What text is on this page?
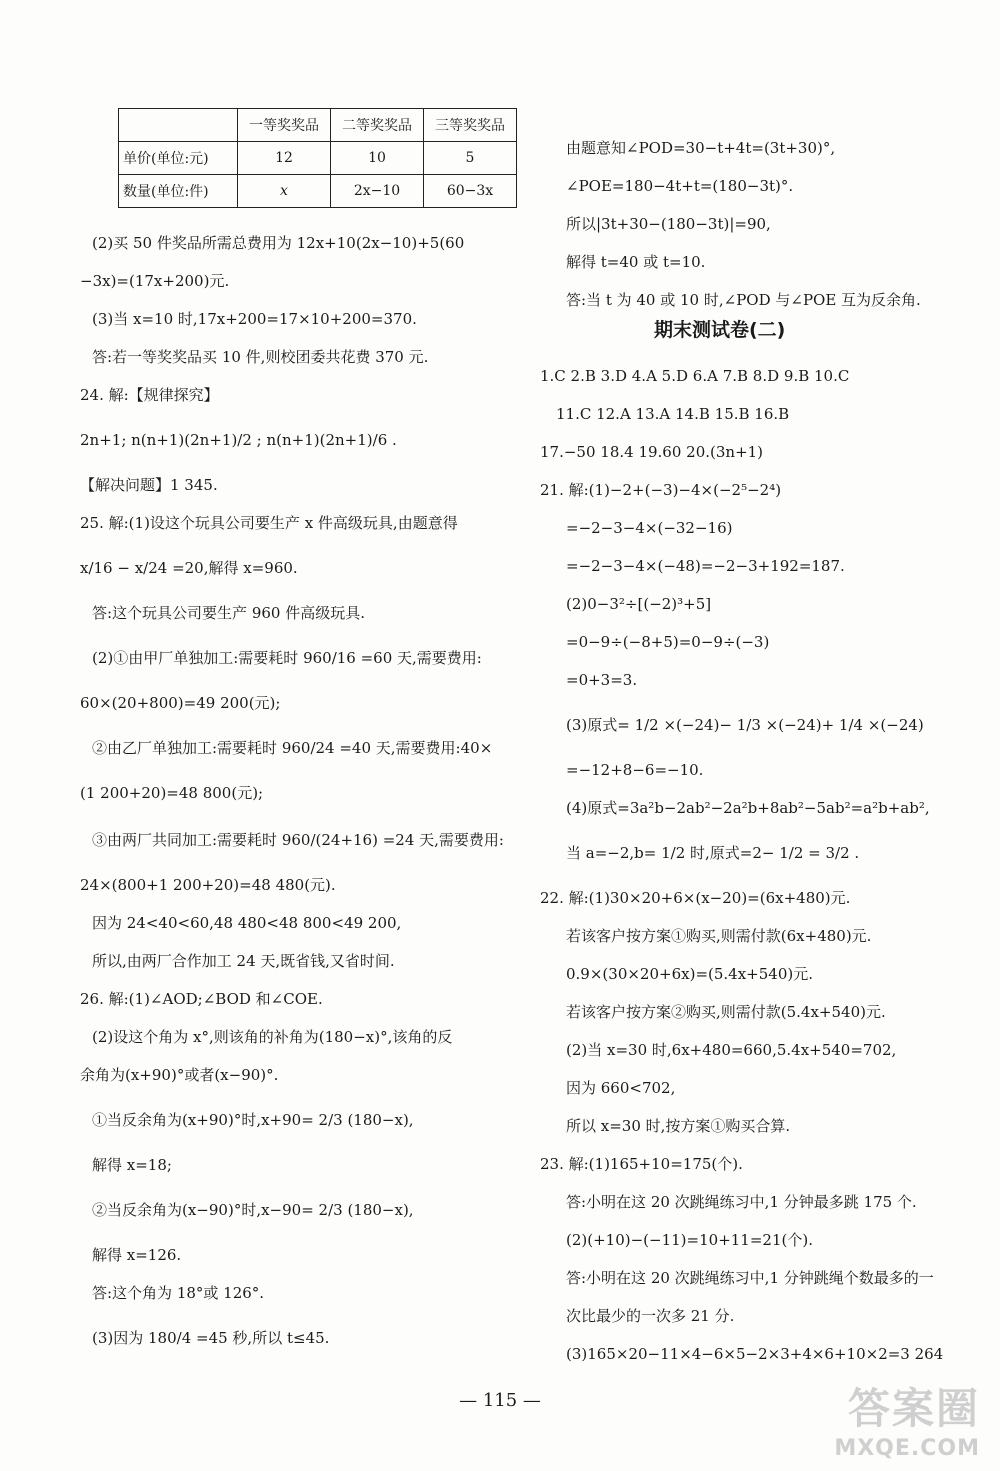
	一等奖奖品	二等奖奖品	三等奖奖品
单价(单位:元)	12	10	5
数量(单位:件)	x	2x−10	60−3x
(2)买 50 件奖品所需总费用为 12x+10(2x−10)+5(60
−3x)=(17x+200)元.
(3)当 x=10 时,17x+200=17×10+200=370.
答:若一等奖奖品买 10 件,则校团委共花费 370 元.
24. 解:【规律探究】
2n+1; n(n+1)(2n+1)/2 ; n(n+1)(2n+1)/6 .
【解决问题】1 345.
25. 解:(1)设这个玩具公司要生产 x 件高级玩具,由题意得
x/16 − x/24 =20,解得 x=960.
答:这个玩具公司要生产 960 件高级玩具.
(2)①由甲厂单独加工:需要耗时 960/16 =60 天,需要费用:
60×(20+800)=49 200(元);
②由乙厂单独加工:需要耗时 960/24 =40 天,需要费用:40×
(1 200+20)=48 800(元);
③由两厂共同加工:需要耗时 960/(24+16) =24 天,需要费用:
24×(800+1 200+20)=48 480(元).
因为 24<40<60,48 480<48 800<49 200,
所以,由两厂合作加工 24 天,既省钱,又省时间.
26. 解:(1)∠AOD;∠BOD 和∠COE.
(2)设这个角为 x°,则该角的补角为(180−x)°,该角的反
余角为(x+90)°或者(x−90)°.
①当反余角为(x+90)°时,x+90= 2/3 (180−x),
解得 x=18;
②当反余角为(x−90)°时,x−90= 2/3 (180−x),
解得 x=126.
答:这个角为 18°或 126°.
(3)因为 180/4 =45 秒,所以 t≤45.
由题意知∠POD=30−t+4t=(3t+30)°,
∠POE=180−4t+t=(180−3t)°.
所以|3t+30−(180−3t)|=90,
解得 t=40 或 t=10.
答:当 t 为 40 或 10 时,∠POD 与∠POE 互为反余角.
1.C 2.B 3.D 4.A 5.D 6.A 7.B 8.D 9.B 10.C
11.C 12.A 13.A 14.B 15.B 16.B
17.−50 18.4 19.60 20.(3n+1)
21. 解:(1)−2+(−3)−4×(−2⁵−2⁴)
=−2−3−4×(−32−16)
=−2−3−4×(−48)=−2−3+192=187.
(2)0−3²÷[(−2)³+5]
=0−9÷(−8+5)=0−9÷(−3)
=0+3=3.
(3)原式= 1/2 ×(−24)− 1/3 ×(−24)+ 1/4 ×(−24)
=−12+8−6=−10.
(4)原式=3a²b−2ab²−2a²b+8ab²−5ab²=a²b+ab²,
当 a=−2,b= 1/2 时,原式=2− 1/2 = 3/2 .
22. 解:(1)30×20+6×(x−20)=(6x+480)元.
若该客户按方案①购买,则需付款(6x+480)元.
0.9×(30×20+6x)=(5.4x+540)元.
若该客户按方案②购买,则需付款(5.4x+540)元.
(2)当 x=30 时,6x+480=660,5.4x+540=702,
因为 660<702,
所以 x=30 时,按方案①购买合算.
23. 解:(1)165+10=175(个).
答:小明在这 20 次跳绳练习中,1 分钟最多跳 175 个.
(2)(+10)−(−11)=10+11=21(个).
答:小明在这 20 次跳绳练习中,1 分钟跳绳个数最多的一
次比最少的一次多 21 分.
(3)165×20−11×4−6×5−2×3+4×6+10×2=3 264
期末测试卷(二)
— 115 —	答案圈
MXQE.COM
